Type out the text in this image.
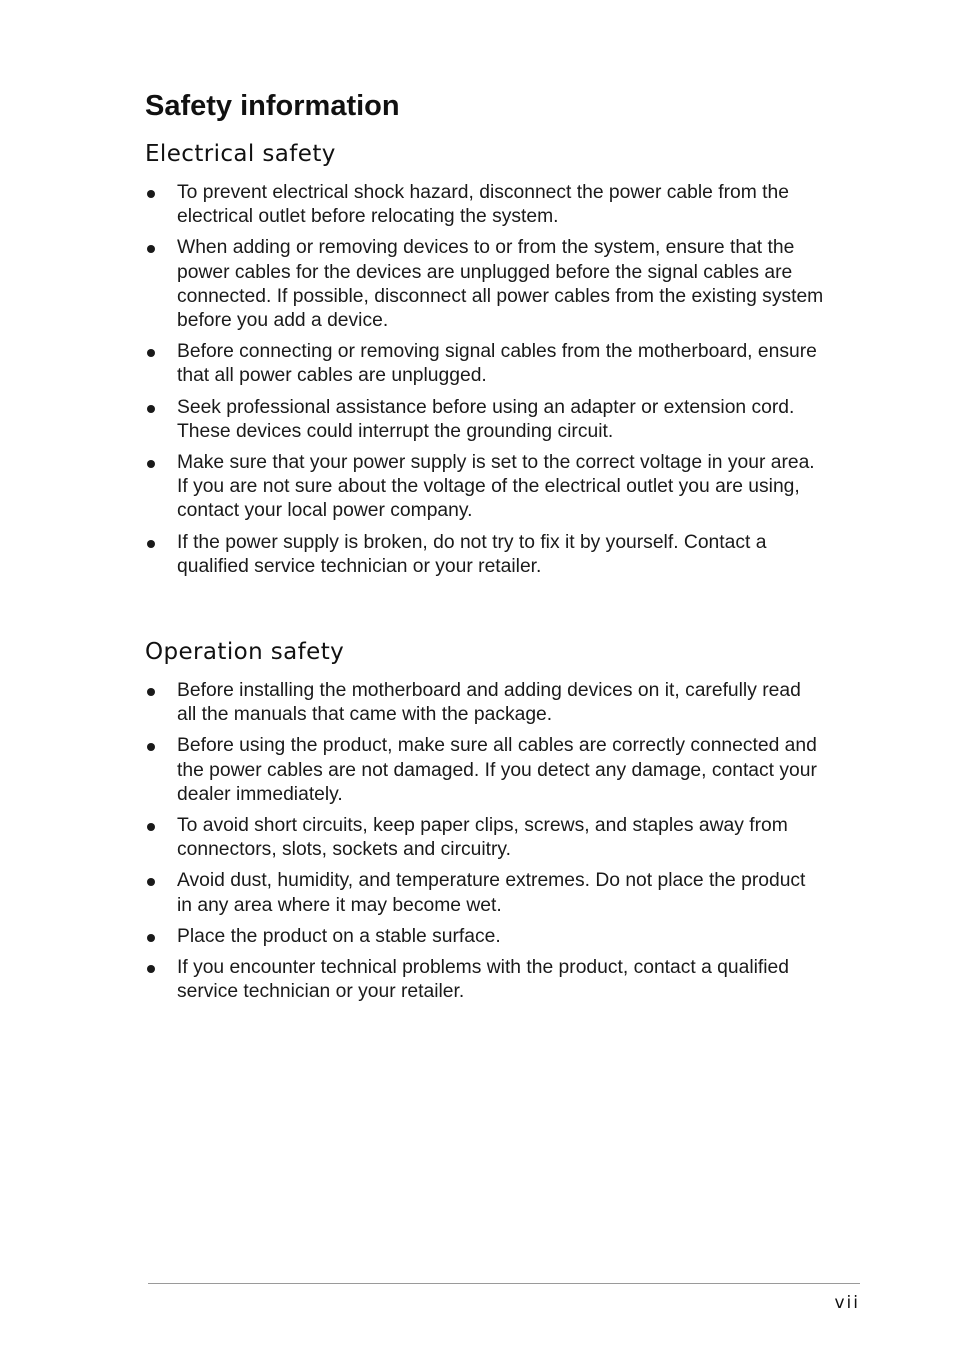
Safety information
Electrical safety
To prevent electrical shock hazard, disconnect the power cable from the electrical outlet before relocating the system.
When adding or removing devices to or from the system, ensure that the power cables for the devices are unplugged before the signal cables are connected. If possible, disconnect all power cables from the existing system before you add a device.
Before connecting or removing signal cables from the motherboard, ensure that all power cables are unplugged.
Seek professional assistance before using an adapter or extension cord. These devices could interrupt the grounding circuit.
Make sure that your power supply is set to the correct voltage in your area. If you are not sure about the voltage of the electrical outlet you are using, contact your local power company.
If the power supply is broken, do not try to fix it by yourself. Contact a qualified service technician or your retailer.
Operation safety
Before installing the motherboard and adding devices on it, carefully read all the manuals that came with the package.
Before using the product, make sure all cables are correctly connected and the power cables are not damaged. If you detect any damage, contact your dealer immediately.
To avoid short circuits, keep paper clips, screws, and staples away from connectors, slots, sockets and circuitry.
Avoid dust, humidity, and temperature extremes. Do not place the product in any area where it may become wet.
Place the product on a stable surface.
If you encounter technical problems with the product, contact a qualified service technician or your retailer.
vii
